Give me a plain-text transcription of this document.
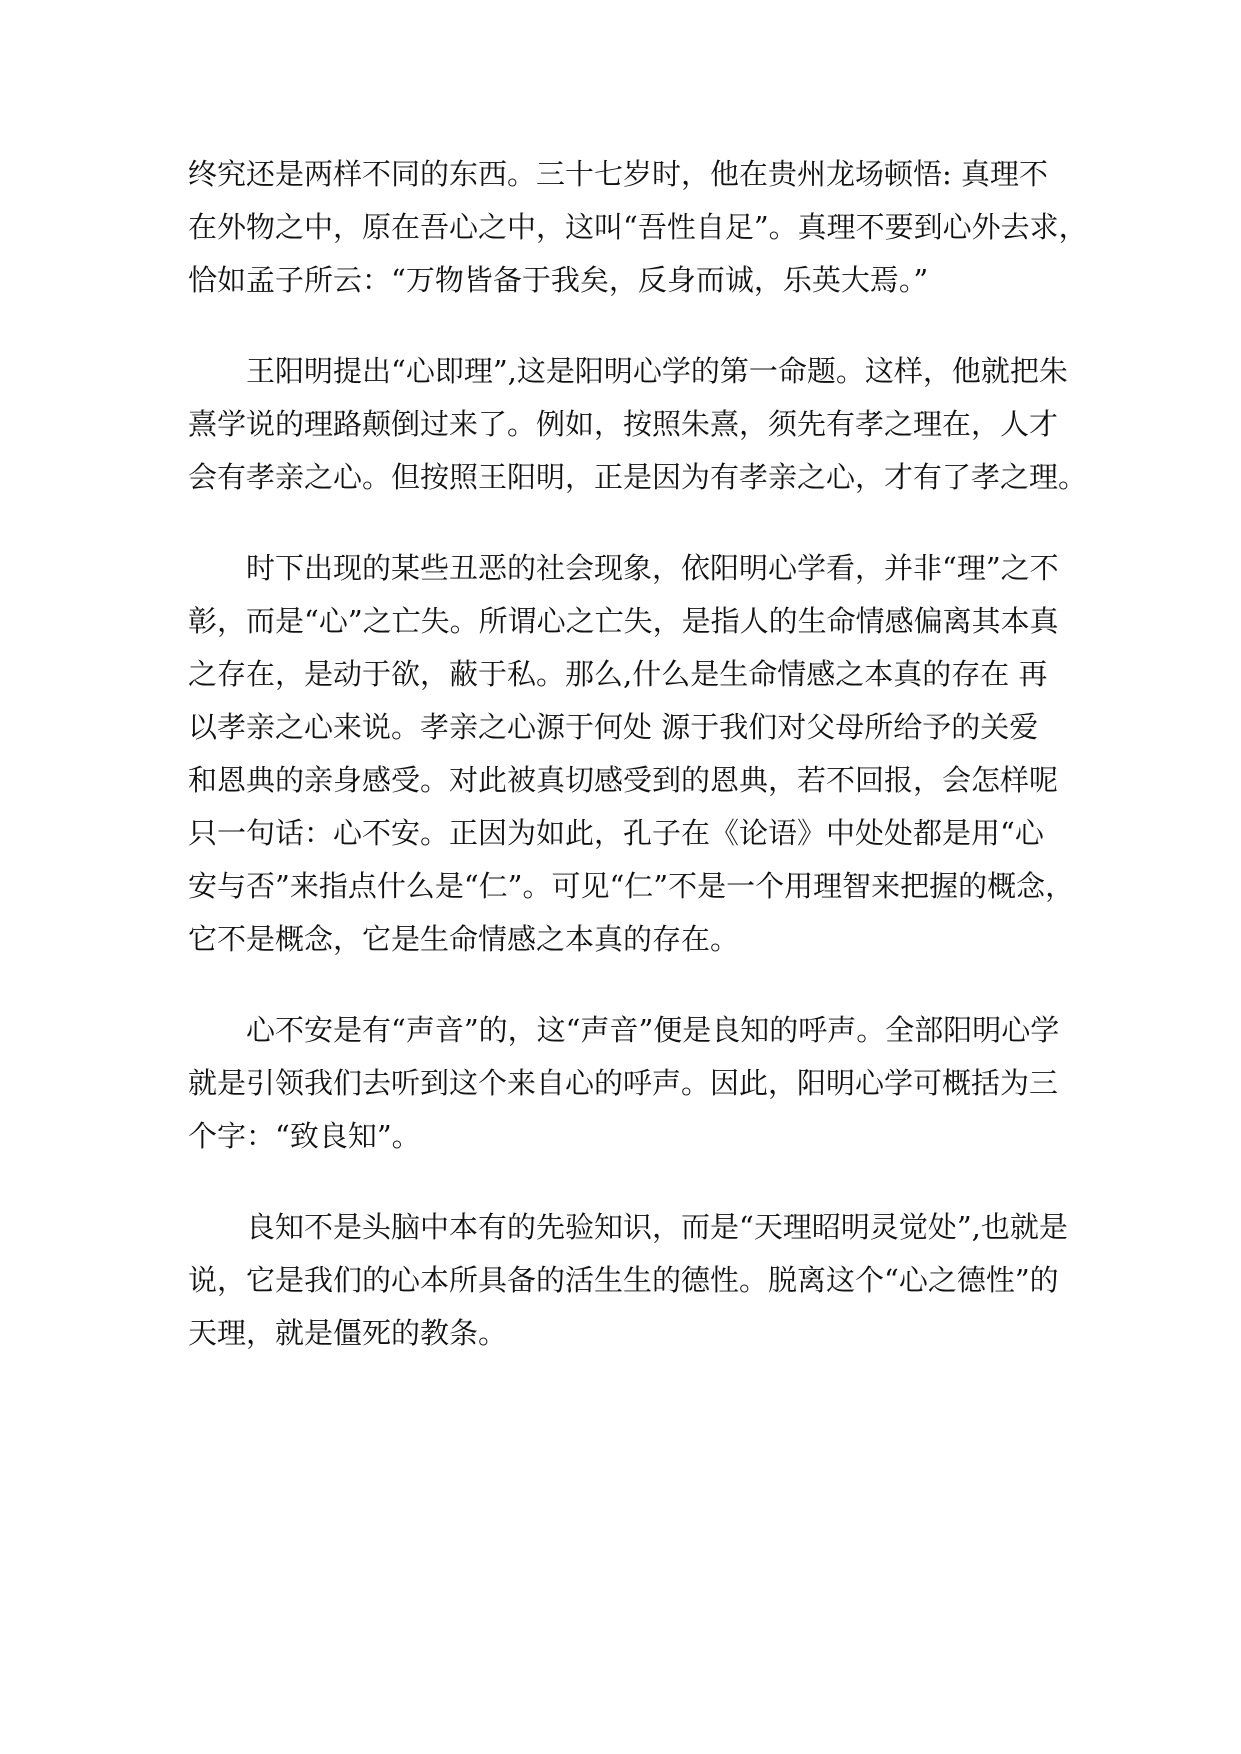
终究还是两样不同的东西。三十七岁时，他在贵州龙场顿悟: 真理不
在外物之中，原在吾心之中，这叫“吾性自足”。真理不要到心外去求，
恰如孟子所云：“万物皆备于我矣，反身而诚，乐英大焉。”
王阳明提出“心即理”,这是阳明心学的第一命题。这样，他就把朱
熹学说的理路颠倒过来了。例如，按照朱熹，须先有孝之理在，人才
会有孝亲之心。但按照王阳明，正是因为有孝亲之心，才有了孝之理。
时下出现的某些丑恶的社会现象，依阳明心学看，并非“理”之不
彰，而是“心”之亡失。所谓心之亡失，是指人的生命情感偏离其本真
之存在，是动于欲，蔽于私。那么,什么是生命情感之本真的存在 再
以孝亲之心来说。孝亲之心源于何处 源于我们对父母所给予的关爱
和恩典的亲身感受。对此被真切感受到的恩典，若不回报，会怎样呢
只一句话：心不安。正因为如此，孔子在《论语》中处处都是用“心
安与否”来指点什么是“仁”。可见“仁”不是一个用理智来把握的概念，
它不是概念，它是生命情感之本真的存在。
心不安是有“声音”的，这“声音”便是良知的呼声。全部阳明心学
就是引领我们去听到这个来自心的呼声。因此，阳明心学可概括为三
个字：“致良知”。
良知不是头脑中本有的先验知识，而是“天理昭明灵觉处”,也就是
说，它是我们的心本所具备的活生生的德性。脱离这个“心之德性”的
天理，就是僵死的教条。
